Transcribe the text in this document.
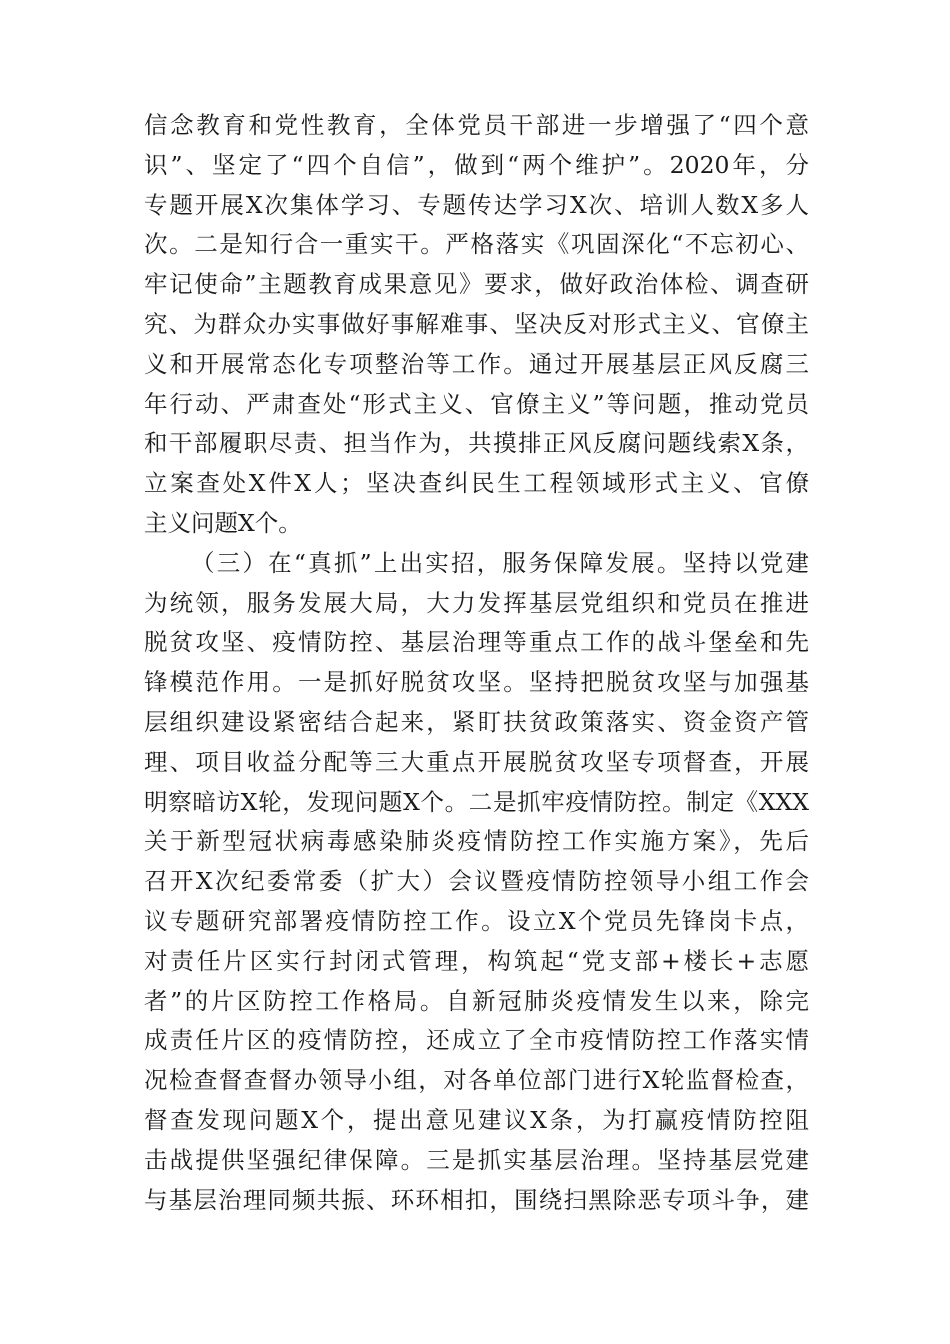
信念教育和党性教育，全体党员干部进一步增强了“四个意
识”、坚定了“四个自信”，做到“两个维护”。2020年，分
专题开展X次集体学习、专题传达学习X次、培训人数X多人
次。二是知行合一重实干。严格落实《巩固深化“不忘初心、
牢记使命”主题教育成果意见》要求，做好政治体检、调查研
究、为群众办实事做好事解难事、坚决反对形式主义、官僚主
义和开展常态化专项整治等工作。通过开展基层正风反腐三
年行动、严肃查处“形式主义、官僚主义”等问题，推动党员
和干部履职尽责、担当作为，共摸排正风反腐问题线索X条，
立案查处X件X人；坚决查纠民生工程领域形式主义、官僚
主义问题X个。
（三）在“真抓”上出实招，服务保障发展。坚持以党建
为统领，服务发展大局，大力发挥基层党组织和党员在推进
脱贫攻坚、疫情防控、基层治理等重点工作的战斗堡垒和先
锋模范作用。一是抓好脱贫攻坚。坚持把脱贫攻坚与加强基
层组织建设紧密结合起来，紧盯扶贫政策落实、资金资产管
理、项目收益分配等三大重点开展脱贫攻坚专项督查，开展
明察暗访X轮，发现问题X个。二是抓牢疫情防控。制定《XXX
关于新型冠状病毒感染肺炎疫情防控工作实施方案》，先后
召开X次纪委常委（扩大）会议暨疫情防控领导小组工作会
议专题研究部署疫情防控工作。设立X个党员先锋岗卡点，
对责任片区实行封闭式管理，构筑起“党支部+楼长+志愿
者”的片区防控工作格局。自新冠肺炎疫情发生以来，除完
成责任片区的疫情防控，还成立了全市疫情防控工作落实情
况检查督查督办领导小组，对各单位部门进行X轮监督检查，
督查发现问题X个，提出意见建议X条，为打赢疫情防控阻
击战提供坚强纪律保障。三是抓实基层治理。坚持基层党建
与基层治理同频共振、环环相扣，围绕扫黑除恶专项斗争，建
